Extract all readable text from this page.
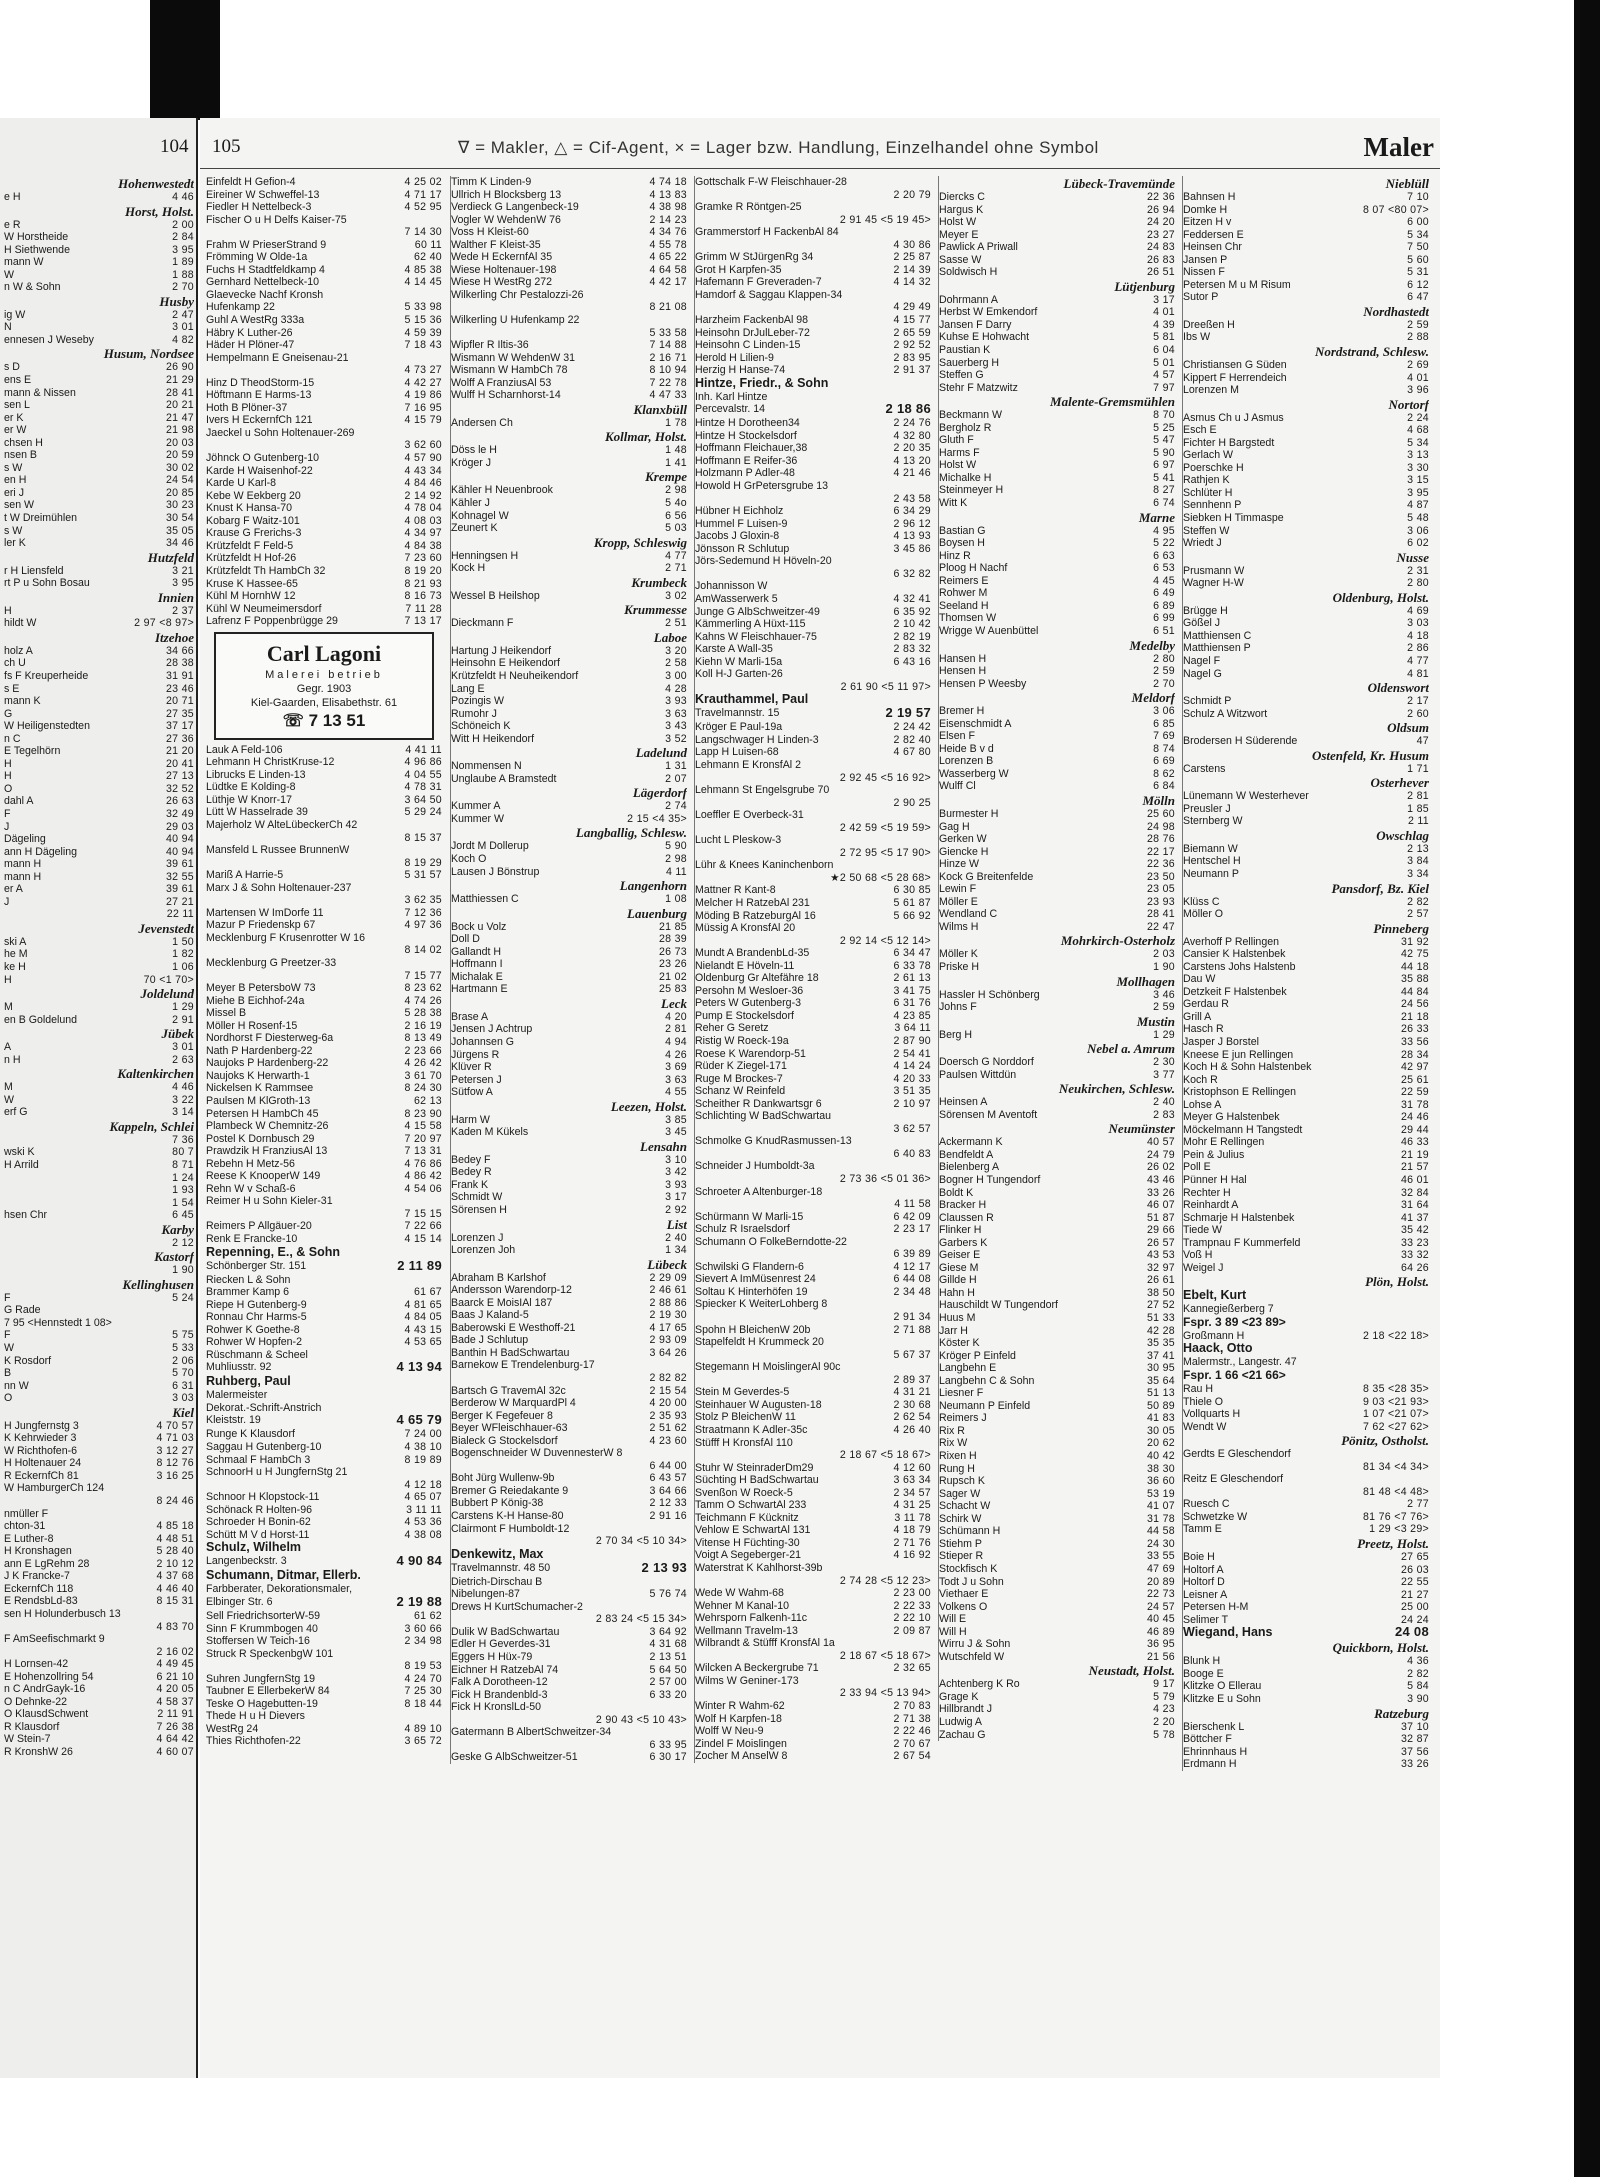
104
Hohenwestedt
e H	4 46
Horst, Holst.
e R	2 00
W Horstheide	2 84
H Siethwende	3 95
mann W	1 89
W	1 88
n W & Sohn	2 70
Husby
ig W	2 47
N	3 01
ennesen J Weseby	4 82
Husum, Nordsee
s D	26 90
ens E	21 29
mann & Nissen	28 41
sen L	20 21
er K	21 47
er W	21 98
chsen H	20 03
nsen B	20 59
s W	30 02
en H	24 54
eri J	20 85
sen W	30 23
t W Dreimühlen	30 54
s W	35 05
ler K	34 46
Hutzfeld
r H Liensfeld	3 21
rt P u Sohn Bosau	3 95
Innien
H	2 37
hildt W	2 97 <8 97>
Itzehoe
holz A	34 66
ch U	28 38
fs F Kreuperheide	31 91
s E	23 46
mann K	20 71
G	27 35
W Heiligenstedten	37 17
n C	27 36
E Tegelhörn	21 20
H	20 41
H	27 13
O	32 52
dahl A	26 63
F	32 49
J	29 03
Dägeling	40 94
ann H Dägeling	40 94
mann H	39 61
mann H	32 55
er A	39 61
J	27 21
22 11
Jevenstedt
ski A	1 50
he M	1 82
ke H	1 06
H	70 <1 70>
Joldelund
M	1 29
en B Goldelund	2 91
Jübek
A	3 01
n H	2 63
Kaltenkirchen
M	4 46
W	3 22
erf G	3 14
Kappeln, Schlei
7 36
wski K	80 7
H Arrild	8 71
1 24
1 93
1 54
hsen Chr	6 45
Karby
2 12
Kastorf
1 90
Kellinghusen
F	5 24
G Rade
7 95 <Hennstedt 1 08>
F	5 75
W	5 33
K Rosdorf	2 06
B	5 70
nn W	6 31
O	3 03
Kiel
H Jungfernstg 3	4 70 57
K Kehrwieder 3	4 71 03
W Richthofen-6	3 12 27
H Holtenauer 24	8 12 76
R EckernfCh 81	3 16 25
W HamburgerCh 124
8 24 46
nmüller F
chton-31	4 85 18
E Luther-8	4 48 51
H Kronshagen	5 28 40
ann E LgRehm 28	2 10 12
J K Francke-7	4 37 68
EckernfCh 118	4 46 40
E RendsbLd-83	8 15 31
sen H Holunderbusch 13
4 83 70
F AmSeefischmarkt 9
2 16 02
H Lornsen-42	4 49 45
E Hohenzollring 54	6 21 10
n C AndrGayk-16	4 20 05
O Dehnke-22	4 58 37
O KlausdSchwent	2 11 91
R Klausdorf	7 26 38
W Stein-7	4 64 42
R KronshW 26	4 60 07
105	∇ = Makler, △ = Cif-Agent, × = Lager bzw. Handlung, Einzelhandel ohne Symbol	Maler
Einfeldt H Gefion-4	4 25 02
Eireiner W Schweffel-13	4 71 17
Fiedler H Nettelbeck-3	4 52 95
Fischer O u H Delfs Kaiser-75
7 14 30
Frahm W PrieserStrand 9	60 11
Frömming W Olde-1a	62 40
Fuchs H Stadtfeldkamp 4	4 85 38
Gernhard Nettelbeck-10	4 14 45
Glaevecke Nachf Kronsh
Hufenkamp 22	5 33 98
Guhl A WestRg 333a	5 15 36
Häbry K Luther-26	4 59 39
Häder H Plöner-47	7 18 43
Hempelmann E Gneisenau-21
4 73 27
Hinz D TheodStorm-15	4 42 27
Höftmann E Harms-13	4 19 86
Hoth B Plöner-37	7 16 95
Ivers H EckernfCh 121	4 15 79
Jaeckel u Sohn Holtenauer-269
3 62 60
Jöhnck O Gutenberg-10	4 57 90
Karde H Waisenhof-22	4 43 34
Karde U Karl-8	4 84 46
Kebe W Eekberg 20	2 14 92
Knust K Hansa-70	4 78 04
Kobarg F Waitz-101	4 08 03
Krause G Frerichs-3	4 34 97
Krützfeldt F Feld-5	4 84 38
Krützfeldt H Hof-26	7 23 60
Krützfeldt Th HambCh 32	8 19 20
Kruse K Hassee-65	8 21 93
Kühl M HornhW 12	8 16 73
Kühl W Neumeimersdorf	7 11 28
Lafrenz F Poppenbrügge 29	7 13 17
Carl Lagoni
Malerei betrieb
Gegr. 1903
Kiel-Gaarden, Elisabethstr. 61
☏ 7 13 51
Lauk A Feld-106	4 41 11
Lehmann H ChristKruse-12	4 96 86
Librucks E Linden-13	4 04 55
Lüdtke E Kolding-8	4 78 31
Lüthje W Knorr-17	3 64 50
Lütt W Hasselrade 39	5 29 24
Majerholz W AlteLübeckerCh 42
8 15 37
Mansfeld L Russee BrunnenW
8 19 29
Mariß A Harrie-5	5 31 57
Marx J & Sohn Holtenauer-237
3 62 35
Martensen W ImDorfe 11	7 12 36
Mazur P Friedenskp 67	4 97 36
Mecklenburg F Krusenrotter W 16
8 14 02
Mecklenburg G Preetzer-33
7 15 77
Meyer B PetersboW 73	8 23 62
Miehe B Eichhof-24a	4 74 26
Missel B	5 28 38
Möller H Rosenf-15	2 16 19
Nordhorst F Diesterweg-6a	8 13 49
Nath P Hardenberg-22	2 23 66
Naujoks P Hardenberg-22	4 26 42
Naujoks K Herwarth-1	3 61 70
Nickelsen K Rammsee	8 24 30
Paulsen M KlGroth-13	62 13
Petersen H HambCh 45	8 23 90
Plambeck W Chemnitz-26	4 15 58
Postel K Dornbusch 29	7 20 97
Prawdzik H FranziusAl 13	7 13 31
Rebehn H Metz-56	4 76 86
Reese K KnooperW 149	4 86 42
Rehn W v Schaß-6	4 54 06
Reimer H u Sohn Kieler-31
7 15 15
Reimers P Allgäuer-20	7 22 66
Renk E Francke-10	4 15 14
Repenning, E., & Sohn
Schönberger Str. 151	2 11 89
Riecken L & Sohn
Brammer Kamp 6	61 67
Riepe H Gutenberg-9	4 81 65
Ronnau Chr Harms-5	4 84 05
Rohwer K Goethe-8	4 43 15
Rohwer W Hopfen-2	4 53 65
Rüschmann & Scheel
Muhliusstr. 92	4 13 94
Ruhberg, Paul
Malermeister
Dekorat.-Schrift-Anstrich
Kleiststr. 19	4 65 79
Runge K Klausdorf	7 24 00
Saggau H Gutenberg-10	4 38 10
Schmaal F HambCh 3	8 19 89
SchnoorH u H JungfernStg 21
4 12 18
Schnoor H Klopstock-11	4 65 07
Schönack R Holten-96	3 11 11
Schroeder H Bonin-62	4 53 36
Schütt M V d Horst-11	4 38 08
Schulz, Wilhelm
Langenbeckstr. 3	4 90 84
Schumann, Ditmar, Ellerb.
Farbberater, Dekorationsmaler,
Elbinger Str. 6	2 19 88
Sell FriedrichsorterW-59	61 62
Sinn F Krummbogen 40	3 60 66
Stoffersen W Teich-16	2 34 98
Struck R SpeckenbgW 101
8 19 53
Suhren JungfernStg 19	4 24 70
Taubner E EllerbekerW 84	7 25 30
Teske O Hagebutten-19	8 18 44
Thede H u H Dievers
WestRg 24	4 89 10
Thies Richthofen-22	3 65 72
Timm K Linden-9	4 74 18
Ullrich H Blocksberg 13	4 13 83
Verdieck G Langenbeck-19	4 38 98
Vogler W WehdenW 76	2 14 23
Voss H Kleist-60	4 34 76
Walther F Kleist-35	4 55 78
Wede H EckernfAl 35	4 65 22
Wiese Holtenauer-198	4 64 58
Wiese H WestRg 272	4 42 17
Wilkerling Chr Pestalozzi-26
8 21 08
Wilkerling U Hufenkamp 22
5 33 58
Wipfler R Iltis-36	7 14 88
Wismann W WehdenW 31	2 16 71
Wismann W HambCh 78	8 10 94
Wolff A FranziusAl 53	7 22 78
Wulff H Scharnhorst-14	4 47 33
Klanxbüll
Andersen Ch	1 78
Kollmar, Holst.
Döss le H	1 48
Kröger J	1 41
Krempe
Kähler H Neuenbrook	2 98
Kähler J	5 4o
Kohnagel W	6 56
Zeunert K	5 03
Kropp, Schleswig
Henningsen H	4 77
Kock H	2 71
Krumbeck
Wessel B Heilshop	3 02
Krummesse
Dieckmann F	2 51
Laboe
Hartung J Heikendorf	3 20
Heinsohn E Heikendorf	2 58
Krützfeldt H Neuheikendorf	3 00
Lang E	4 28
Pozingis W	3 93
Rumohr J	3 63
Schöneich K	3 43
Witt H Heikendorf	3 52
Ladelund
Nommensen N	1 31
Unglaube A Bramstedt	2 07
Lägerdorf
Kummer A	2 74
Kummer W	2 15 <4 35>
Langballig, Schlesw.
Jordt M Dollerup	5 90
Koch O	2 98
Lausen J Bönstrup	4 11
Langenhorn
Matthiessen C	1 08
Lauenburg
Bock u Volz	21 85
Doll D	28 39
Gallandt H	26 73
Hoffmann I	23 26
Michalak E	21 02
Hartmann E	25 83
Leck
Brase A	4 20
Jensen J Achtrup	2 81
Johannsen G	4 94
Jürgens R	4 26
Klüver R	3 69
Petersen J	3 63
Sütfow A	4 55
Leezen, Holst.
Harm W	3 85
Kaden M Kükels	3 45
Lensahn
Bedey F	3 10
Bedey R	3 42
Frank K	3 93
Schmidt W	3 17
Sörensen H	2 92
List
Lorenzen J	2 40
Lorenzen Joh	1 34
Lübeck
Abraham B Karlshof	2 29 09
Andersson Warendorp-12	2 46 61
Baarck E MoisIAl 187	2 88 86
Baas J Kaland-5	2 19 30
Baberowski E Westhoff-21	4 17 65
Bade J Schlutup	2 93 09
Banthin H BadSchwartau	3 64 26
Barnekow E Trendelenburg-17
2 82 82
Bartsch G TravemAl 32c	2 15 54
Berderow W MarquardPl 4	4 20 00
Berger K Fegefeuer 8	2 35 93
Beyer WFleischhauer-63	2 51 62
Bialeck G Stockelsdorf	4 23 60
Bogenschneider W DuvennesterW 8
6 44 00
Boht Jürg Wullenw-9b	6 43 57
Bremer G Reiedakante 9	3 64 66
Bubbert P König-38	2 12 33
Carstens K-H Hanse-80	2 91 16
Clairmont F Humboldt-12
2 70 34 <5 10 34>
Denkewitz, Max
Travelmannstr. 48 50	2 13 93
Dietrich-Dirschau B
Nibelungen-87	5 76 74
Drews H KurtSchumacher-2
2 83 24 <5 15 34>
Dulik W BadSchwartau	3 64 92
Edler H Geverdes-31	4 31 68
Eggers H Hüx-79	2 13 51
Eichner H RatzebAl 74	5 64 50
Falk A Dorotheen-12	2 57 00
Fick H Brandenbld-3	6 33 20
Fick H KronslLd-50
2 90 43 <5 10 43>
Gatermann B AlbertSchweitzer-34
6 33 95
Geske G AlbSchweitzer-51	6 30 17
Gottschalk F-W Fleischhauer-28
2 20 79
Gramke R Röntgen-25
2 91 45 <5 19 45>
Grammerstorf H FackenbAl 84
4 30 86
Grimm W StJürgenRg 34	2 25 87
Grot H Karpfen-35	2 14 39
Hafemann F Greveraden-7	4 14 32
Hamdorf & Saggau Klappen-34
4 29 49
Harzheim FackenbAl 98	4 15 77
Heinsohn DrJulLeber-72	2 65 59
Heinsohn C Linden-15	2 92 52
Herold H Lilien-9	2 83 95
Herzig H Hanse-74	2 91 37
Hintze, Friedr., & Sohn
Inh. Karl Hintze
Percevalstr. 14	2 18 86
Hintze H Dorotheen34	2 24 76
Hintze H Stockelsdorf	4 32 80
Hoffmann Fleichauer,38	2 20 35
Hoffmann E Reifer-36	4 13 20
Holzmann P Adler-48	4 21 46
Howold H GrPetersgrube 13
2 43 58
Hübner H Eichholz	6 34 29
Hummel F Luisen-9	2 96 12
Jacobs J Gloxin-8	4 13 93
Jönsson R Schlutup	3 45 86
Jörs-Sedemund H Höveln-20
6 32 82
Johannisson W
AmWasserwerk 5	4 32 41
Junge G AlbSchweitzer-49	6 35 92
Kämmerling A Hüxt-115	2 10 42
Kahns W Fleischhauer-75	2 82 19
Karste A Wall-35	2 83 32
Kiehn W Marli-15a	6 43 16
Koll H-J Garten-26
2 61 90 <5 11 97>
Krauthammel, Paul
Travelmannstr. 15	2 19 57
Kröger E Paul-19a	2 24 42
Langschwager H Linden-3	2 82 40
Lapp H Luisen-68	4 67 80
Lehmann E KronsfAl 2
2 92 45 <5 16 92>
Lehmann St Engelsgrube 70
2 90 25
Loeffler E Overbeck-31
2 42 59 <5 19 59>
Lucht L Pleskow-3
2 72 95 <5 17 90>
Lühr & Knees Kaninchenborn
★2 50 68 <5 28 68>
Mattner R Kant-8	6 30 85
Melcher H RatzebAl 231	5 61 87
Möding B RatzeburgAl 16	5 66 92
Müssig A KronsfAl 20
2 92 14 <5 12 14>
Mundt A BrandenbLd-35	6 34 47
Nielandt E Höveln-11	6 33 78
Oldenburg Gr Altefähre 18	2 61 13
Persohn M Wesloer-36	3 41 75
Peters W Gutenberg-3	6 31 76
Pump E Stockelsdorf	4 23 85
Reher G Seretz	3 64 11
Ristig W Roeck-19a	2 87 90
Roese K Warendorp-51	2 54 41
Rüder K Ziegel-171	4 14 24
Ruge M Brockes-7	4 20 33
Schanz W Reinfeld	3 51 35
Scheither R Dankwartsgr 6	2 10 97
Schlichting W BadSchwartau
3 62 57
Schmolke G KnudRasmussen-13
6 40 83
Schneider J Humboldt-3a
2 73 36 <5 01 36>
Schroeter A Altenburger-18
4 11 58
Schürmann W Marli-15	6 42 09
Schulz R Israelsdorf	2 23 17
Schumann O FolkeBerndotte-22
6 39 89
Schwilski G Flandern-6	4 12 17
Sievert A ImMüsenrest 24	6 44 08
Soltau K Hinterhöfen 19	2 34 48
Spiecker K WeiterLohberg 8
2 91 34
Spohn H BleichenW 20b	2 71 88
Stapelfeldt H Krummeck 20
5 67 37
Stegemann H MoislingerAl 90c
2 89 37
Stein M Geverdes-5	4 31 21
Steinhauer W Augusten-18	2 30 68
Stolz P BleichenW 11	2 62 54
Straatmann K Adler-35c	4 26 40
Stüfff H KronsfAl 110
2 18 67 <5 18 67>
Stuhr W SteinraderDm29	4 12 60
Süchting H BadSchwartau	3 63 34
Svenßon W Roeck-5	2 34 57
Tamm O SchwartAl 233	4 31 25
Teichmann F Kücknitz	3 11 78
Vehlow E SchwartAl 131	4 18 79
Vitense H Füchting-30	2 71 76
Voigt A Segeberger-21	4 16 92
Waterstrat K Kahlhorst-39b
2 74 28 <5 12 23>
Wede W Wahm-68	2 23 00
Wehner M Kanal-10	2 22 33
Wehrsporn Falkenh-11c	2 22 10
Wellmann Travelm-13	2 09 87
Wilbrandt & Stüfff KronsfAl 1a
2 18 67 <5 18 67>
Wilcken A Beckergrube 71	2 32 65
Wilms W Geniner-173
2 33 94 <5 13 94>
Winter R Wahm-62	2 70 83
Wolf H Karpfen-18	2 71 38
Wolff W Neu-9	2 22 46
Zindel F Moislingen	2 70 67
Zocher M AnselW 8	2 67 54
Lübeck-Travemünde
Diercks C	22 36
Hargus K	26 94
Holst W	24 20
Meyer E	23 27
Pawlick A Priwall	24 83
Sasse W	26 83
Soldwisch H	26 51
Lütjenburg
Dohrmann A	3 17
Herbst W Emkendorf	4 01
Jansen F Darry	4 39
Kuhse E Hohwacht	5 81
Paustian K	6 04
Sauerberg H	5 01
Steffen G	4 57
Stehr F Matzwitz	7 97
Malente-Gremsmühlen
Beckmann W	8 70
Bergholz R	5 25
Gluth F	5 47
Harms F	5 90
Holst W	6 97
Michalke H	5 41
Steinmeyer H	8 27
Witt K	6 74
Marne
Bastian G	4 95
Boysen H	5 22
Hinz R	6 63
Ploog H Nachf	6 53
Reimers E	4 45
Rohwer M	6 49
Seeland H	6 89
Thomsen W	6 99
Wrigge W Auenbüttel	6 51
Medelby
Hansen H	2 80
Hensen H	2 59
Hensen P Weesby	2 70
Meldorf
Bremer H	3 06
Eisenschmidt A	6 85
Elsen F	7 69
Heide B v d	8 74
Lorenzen B	6 69
Wasserberg W	8 62
Wulff Cl	6 84
Mölln
Burmester H	25 60
Gag H	24 98
Gerken W	28 76
Giencke H	22 17
Hinze W	22 36
Kock G Breitenfelde	23 50
Lewin F	23 05
Möller E	23 93
Wendland C	28 41
Wilms H	22 47
Mohrkirch-Osterholz
Möller K	2 03
Priske H	1 90
Mollhagen
Hassler H Schönberg	3 46
Johns F	2 59
Mustin
Berg H	1 29
Nebel a. Amrum
Doersch G Norddorf	2 30
Paulsen Wittdün	3 77
Neukirchen, Schlesw.
Heinsen A	2 40
Sörensen M Aventoft	2 83
Neumünster
Ackermann K	40 57
Bendfeldt A	24 79
Bielenberg A	26 02
Bogner H Tungendorf	43 46
Boldt K	33 26
Bracker H	46 07
Claussen R	51 87
Flinker H	29 66
Garbers K	26 57
Geiser E	43 53
Giese M	32 97
Gillde H	26 61
Hahn H	38 50
Hauschildt W Tungendorf	27 52
Huus M	51 33
Jarr H	42 28
Köster K	35 35
Kröger P Einfeld	37 41
Langbehn E	30 95
Langbehn C & Sohn	35 64
Liesner F	51 13
Neumann P Einfeld	50 89
Reimers J	41 83
Rix R	30 05
Rix W	20 62
Rixen H	40 42
Rung H	38 30
Rupsch K	36 60
Sager W	53 19
Schacht W	41 07
Schirk W	31 78
Schümann H	44 58
Stiehm P	24 30
Stieper R	33 55
Stockfisch K	47 69
Todt J u Sohn	20 89
Viethaer E	22 73
Volkens O	24 57
Will E	40 45
Will H	46 89
Wirru J & Sohn	36 95
Wutschfeld W	21 56
Neustadt, Holst.
Achtenberg K Ro	9 17
Grage K	5 79
Hillbrandt J	4 23
Ludwig A	2 20
Zachau G	5 78
Nieblüll
Bahnsen H	7 10
Domke H	8 07 <80 07>
Eitzen H v	6 00
Feddersen E	5 34
Heinsen Chr	7 50
Jansen P	5 60
Nissen F	5 31
Petersen M u M Risum	6 12
Sutor P	6 47
Nordhastedt
Dreeßen H	2 59
Ibs W	2 88
Nordstrand, Schlesw.
Christiansen G Süden	2 69
Kippert F Herrendeich	4 01
Lorenzen M	3 96
Nortorf
Asmus Ch u J Asmus	2 24
Esch E	4 68
Fichter H Bargstedt	5 34
Gerlach W	3 13
Poerschke H	3 30
Rathjen K	3 15
Schlüter H	3 95
Sennhenn P	4 87
Siebken H Timmaspe	5 48
Steffen W	3 06
Wriedt J	6 02
Nusse
Prusmann W	2 31
Wagner H-W	2 80
Oldenburg, Holst.
Brügge H	4 69
Gößel J	3 03
Matthiensen C	4 18
Matthiensen P	2 86
Nagel F	4 77
Nagel G	4 81
Oldenswort
Schmidt P	2 17
Schulz A Witzwort	2 60
Oldsum
Brodersen H Süderende	47
Ostenfeld, Kr. Husum
Carstens	1 71
Osterhever
Lünemann W Westerhever	2 81
Preusler J	1 85
Sternberg W	2 11
Owschlag
Biemann W	2 13
Hentschel H	3 84
Neumann P	3 34
Pansdorf, Bz. Kiel
Klüss C	2 82
Möller O	2 57
Pinneberg
Averhoff P Rellingen	31 92
Cansier K Halstenbek	42 75
Carstens Johs Halstenb	44 18
Dau W	35 88
Detzkeit F Halstenbek	44 84
Gerdau R	24 56
Grill A	21 18
Hasch R	26 33
Jasper J Borstel	33 56
Kneese E jun Rellingen	28 34
Koch H & Sohn Halstenbek	42 97
Koch R	25 61
Kristophson E Rellingen	22 59
Lohse A	31 78
Meyer G Halstenbek	24 46
Möckelmann H Tangstedt	29 44
Mohr E Rellingen	46 33
Pein & Julius	21 19
Poll E	21 57
Pünner H Hal	46 01
Rechter H	32 84
Reinhardt A	31 64
Schmarje H Halstenbek	41 37
Tiede W	35 42
Trampnau F Kummerfeld	33 23
Voß H	33 32
Weigel J	64 26
Plön, Holst.
Ebelt, Kurt
Kannegießerberg 7
Fspr. 3 89 <23 89>
Großmann H	2 18 <22 18>
Haack, Otto
Malermstr., Langestr. 47
Fspr. 1 66 <21 66>
Rau H	8 35 <28 35>
Thiele O	9 03 <21 93>
Vollquarts H	1 07 <21 07>
Wendt W	7 62 <27 62>
Pönitz, Ostholst.
Gerdts E Gleschendorf
81 34 <4 34>
Reitz E Gleschendorf
81 48 <4 48>
Ruesch C	2 77
Schwetzke W	81 76 <7 76>
Tamm E	1 29 <3 29>
Preetz, Holst.
Boie H	27 65
Holtorf A	26 03
Holtorf D	22 55
Leisner A	21 27
Petersen H-M	25 00
Selimer T	24 24
Wiegand, Hans	24 08
Quickborn, Holst.
Blunk H	4 36
Booge E	2 82
Klitzke O Ellerau	5 84
Klitzke E u Sohn	3 90
Ratzeburg
Bierschenk L	37 10
Böttcher F	32 87
Ehrinnhaus H	37 56
Erdmann H	33 26
